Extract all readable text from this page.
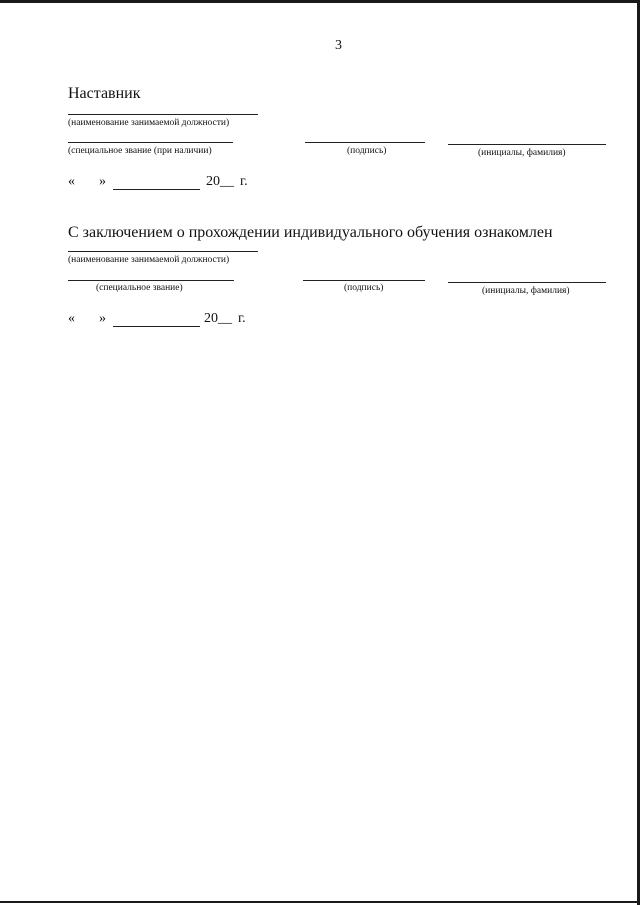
3
Наставник
(наименование занимаемой должности)
(специальное звание (при наличии)	(подпись)	(инициалы, фамилия)
« »	20__ г.
С заключением о прохождении индивидуального обучения ознакомлен
(наименование занимаемой должности)
(специальное звание)	(подпись)	(инициалы, фамилия)
« »	20__ г.
